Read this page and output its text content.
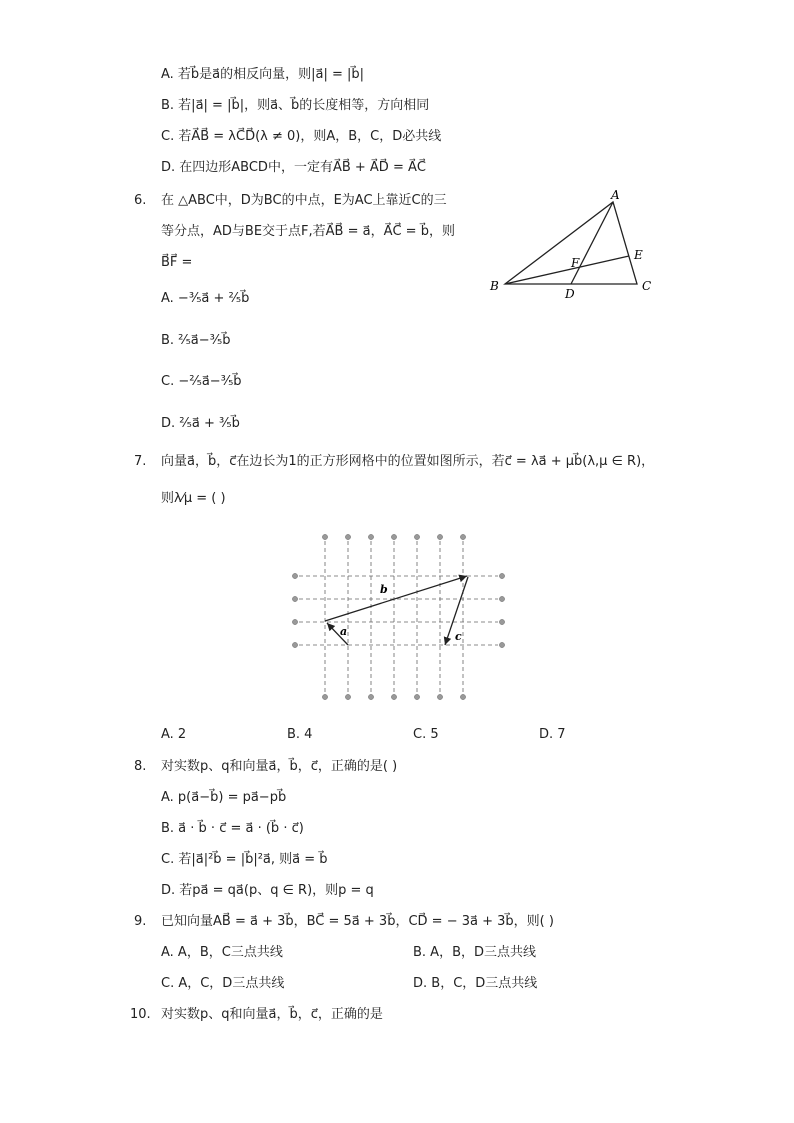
A. 若b⃗是a⃗的相反向量，则|a⃗| = |b⃗|
B. 若|a⃗| = |b⃗|，则a⃗、b⃗的长度相等，方向相同
C. 若A⃗B⃗ = λC⃗D⃗(λ ≠ 0)，则A，B，C，D必共线
D. 在四边形ABCD中，一定有A⃗B⃗ + A⃗D⃗ = A⃗C⃗
6. 在 △ABC中，D为BC的中点，E为AC上靠近C的三
等分点，AD与BE交于点F,若A⃗B⃗ = a⃗，A⃗C⃗ = b⃗，则
B⃗F⃗ =
A. −³⁄₅a⃗ + ²⁄₅b⃗
B. ²⁄₅a⃗−³⁄₅b⃗
C. −²⁄₅a⃗−³⁄₅b⃗
D. ²⁄₅a⃗ + ³⁄₅b⃗
A
B	C
D
E
F
7. 向量a⃗，b⃗，c⃗在边长为1的正方形网格中的位置如图所示，若c⃗ = λa⃗ + μb⃗(λ,μ ∈ R)，
则λ⁄μ = ( )
a
b
c
A. 2	B. 4	C. 5	D. 7
8. 对实数p、q和向量a⃗，b⃗，c⃗，正确的是( )
A. p(a⃗−b⃗) = pa⃗−pb⃗
B. a⃗ · b⃗ · c⃗ = a⃗ · (b⃗ · c⃗)
C. 若|a⃗|²b⃗ = |b⃗|²a⃗, 则a⃗ = b⃗
D. 若pa⃗ = qa⃗(p、q ∈ R)，则p = q
9. 已知向量AB⃗ = a⃗ + 3b⃗，BC⃗ = 5a⃗ + 3b⃗，CD⃗ = − 3a⃗ + 3b⃗，则( )
A. A，B，C三点共线	B. A，B，D三点共线
C. A，C，D三点共线	D. B，C，D三点共线
10. 对实数p、q和向量a⃗，b⃗，c⃗，正确的是
